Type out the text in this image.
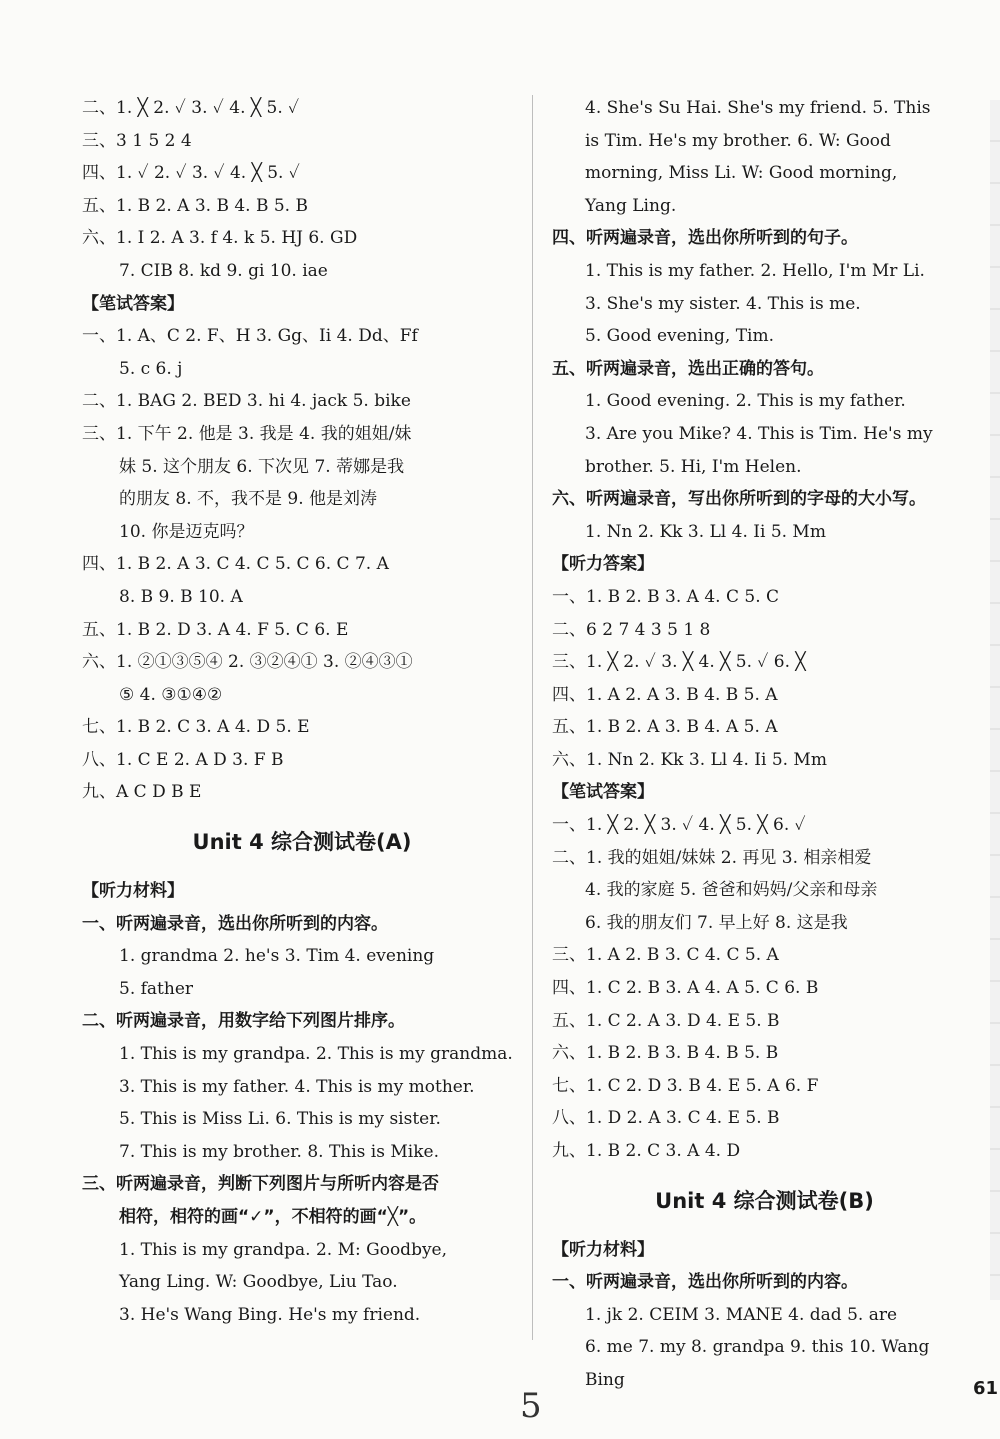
二、1. ╳ 2. ✓ 3. ✓ 4. ╳ 5. ✓
三、3 1 5 2 4
四、1. ✓ 2. ✓ 3. ✓ 4. ╳ 5. ✓
五、1. B 2. A 3. B 4. B 5. B
六、1. I 2. A 3. f 4. k 5. HJ 6. GD
7. CIB 8. kd 9. gi 10. iae
【笔试答案】
一、1. A、C 2. F、H 3. Gg、Ii 4. Dd、Ff
5. c 6. j
二、1. BAG 2. BED 3. hi 4. jack 5. bike
三、1. 下午 2. 他是 3. 我是 4. 我的姐姐/妹
妹 5. 这个朋友 6. 下次见 7. 蒂娜是我
的朋友 8. 不，我不是 9. 他是刘涛
10. 你是迈克吗？
四、1. B 2. A 3. C 4. C 5. C 6. C 7. A
8. B 9. B 10. A
五、1. B 2. D 3. A 4. F 5. C 6. E
六、1. ②①③⑤④ 2. ③②④① 3. ②④③①
⑤ 4. ③①④②
七、1. B 2. C 3. A 4. D 5. E
八、1. C E 2. A D 3. F B
九、A C D B E
Unit 4 综合测试卷(A)
【听力材料】
一、听两遍录音，选出你所听到的内容。
1. grandma 2. he's 3. Tim 4. evening
5. father
二、听两遍录音，用数字给下列图片排序。
1. This is my grandpa. 2. This is my grandma.
3. This is my father. 4. This is my mother.
5. This is Miss Li. 6. This is my sister.
7. This is my brother. 8. This is Mike.
三、听两遍录音，判断下列图片与所听内容是否
相符，相符的画“✓”，不相符的画“╳”。
1. This is my grandpa. 2. M: Goodbye,
Yang Ling. W: Goodbye, Liu Tao.
3. He's Wang Bing. He's my friend.
4. She's Su Hai. She's my friend. 5. This
is Tim. He's my brother. 6. W: Good
morning, Miss Li. W: Good morning,
Yang Ling.
四、听两遍录音，选出你所听到的句子。
1. This is my father. 2. Hello, I'm Mr Li.
3. She's my sister. 4. This is me.
5. Good evening, Tim.
五、听两遍录音，选出正确的答句。
1. Good evening. 2. This is my father.
3. Are you Mike? 4. This is Tim. He's my
brother. 5. Hi, I'm Helen.
六、听两遍录音，写出你所听到的字母的大小写。
1. Nn 2. Kk 3. Ll 4. Ii 5. Mm
【听力答案】
一、1. B 2. B 3. A 4. C 5. C
二、6 2 7 4 3 5 1 8
三、1. ╳ 2. ✓ 3. ╳ 4. ╳ 5. ✓ 6. ╳
四、1. A 2. A 3. B 4. B 5. A
五、1. B 2. A 3. B 4. A 5. A
六、1. Nn 2. Kk 3. Ll 4. Ii 5. Mm
【笔试答案】
一、1. ╳ 2. ╳ 3. ✓ 4. ╳ 5. ╳ 6. ✓
二、1. 我的姐姐/妹妹 2. 再见 3. 相亲相爱
4. 我的家庭 5. 爸爸和妈妈/父亲和母亲
6. 我的朋友们 7. 早上好 8. 这是我
三、1. A 2. B 3. C 4. C 5. A
四、1. C 2. B 3. A 4. A 5. C 6. B
五、1. C 2. A 3. D 4. E 5. B
六、1. B 2. B 3. B 4. B 5. B
七、1. C 2. D 3. B 4. E 5. A 6. F
八、1. D 2. A 3. C 4. E 5. B
九、1. B 2. C 3. A 4. D
Unit 4 综合测试卷(B)
【听力材料】
一、听两遍录音，选出你所听到的内容。
1. jk 2. CEIM 3. MANE 4. dad 5. are
6. me 7. my 8. grandpa 9. this 10. Wang
Bing
5	61
